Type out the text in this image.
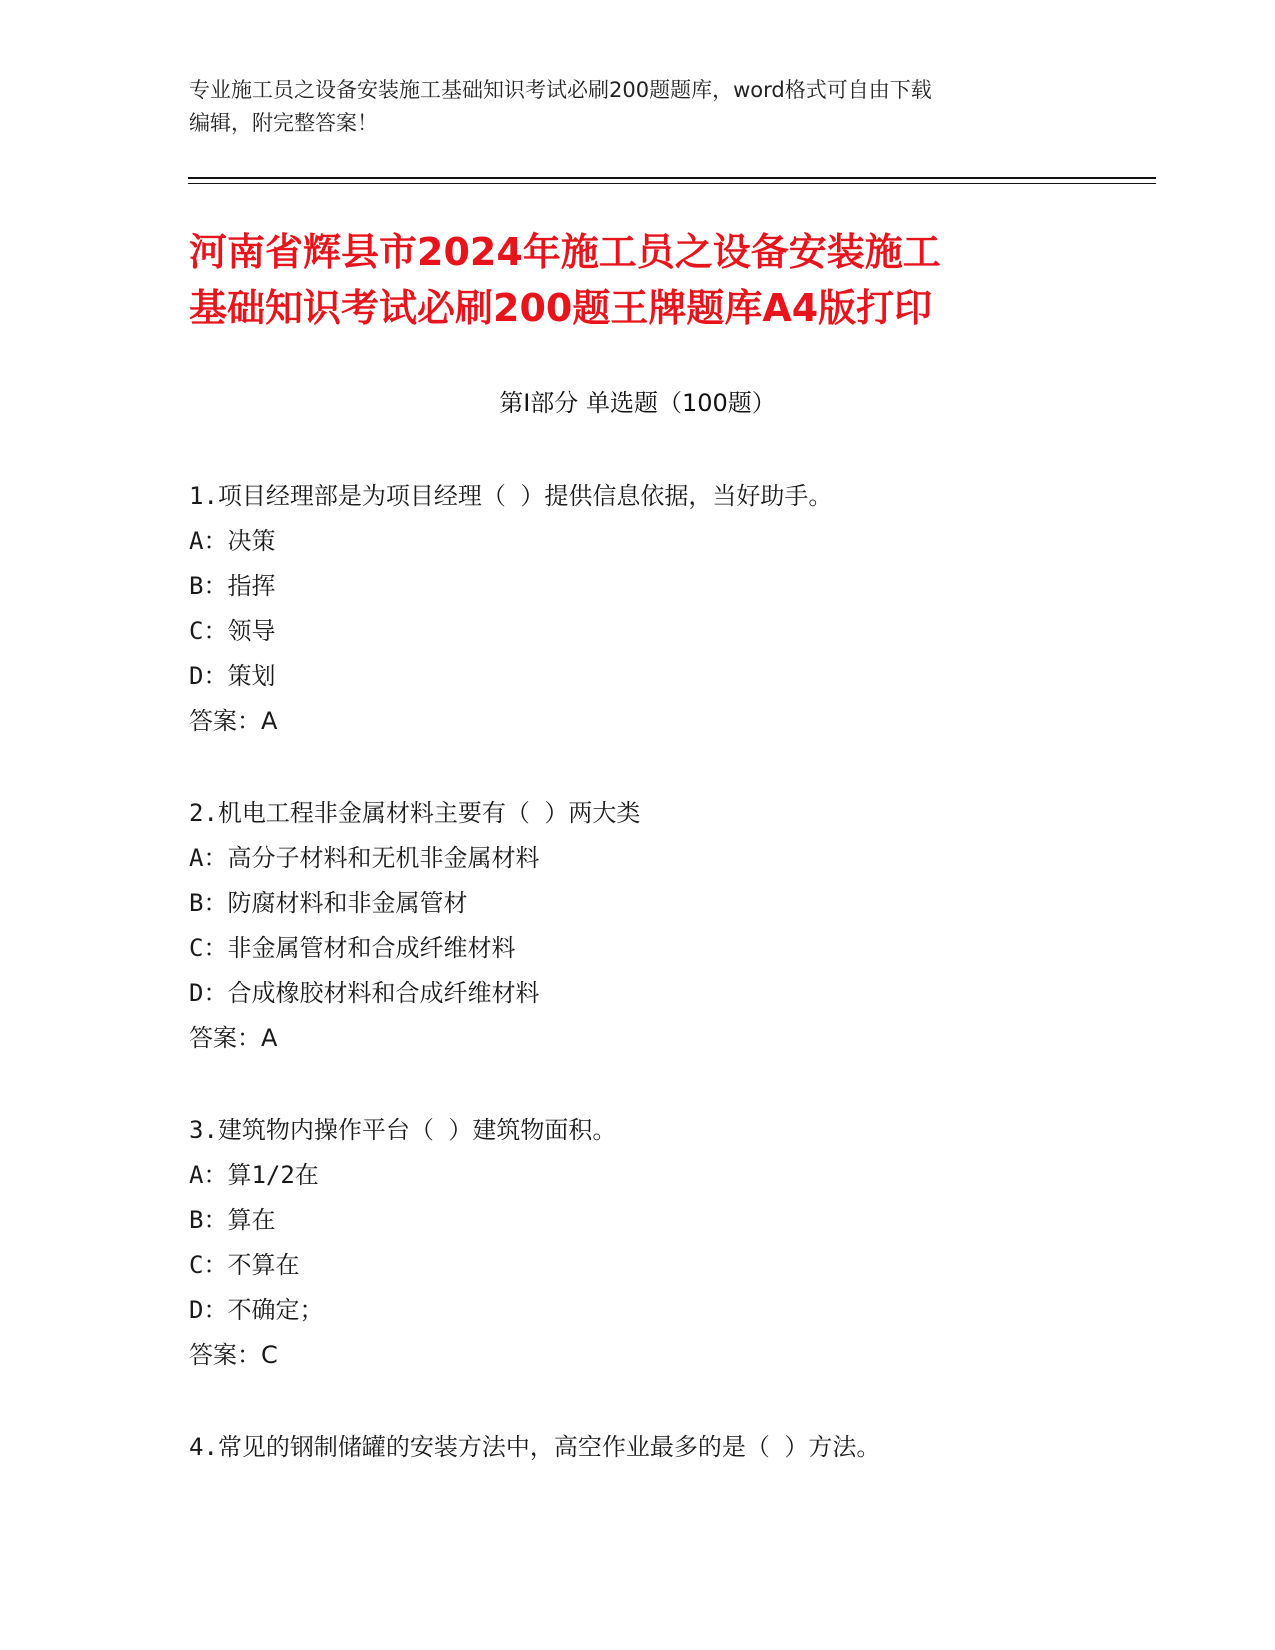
专业施工员之设备安装施工基础知识考试必刷200题题库，word格式可自由下载
编辑，附完整答案！
河南省辉县市2024年施工员之设备安装施工
基础知识考试必刷200题王牌题库A4版打印
第Ⅰ部分 单选题（100题）
1.项目经理部是为项目经理（ ）提供信息依据，当好助手。
A：决策
B：指挥
C：领导
D：策划
答案：A
2.机电工程非金属材料主要有（ ）两大类
A：高分子材料和无机非金属材料
B：防腐材料和非金属管材
C：非金属管材和合成纤维材料
D：合成橡胶材料和合成纤维材料
答案：A
3.建筑物内操作平台（ ）建筑物面积。
A：算1/2在
B：算在
C：不算在
D：不确定；
答案：C
4.常见的钢制储罐的安装方法中，高空作业最多的是（ ）方法。
